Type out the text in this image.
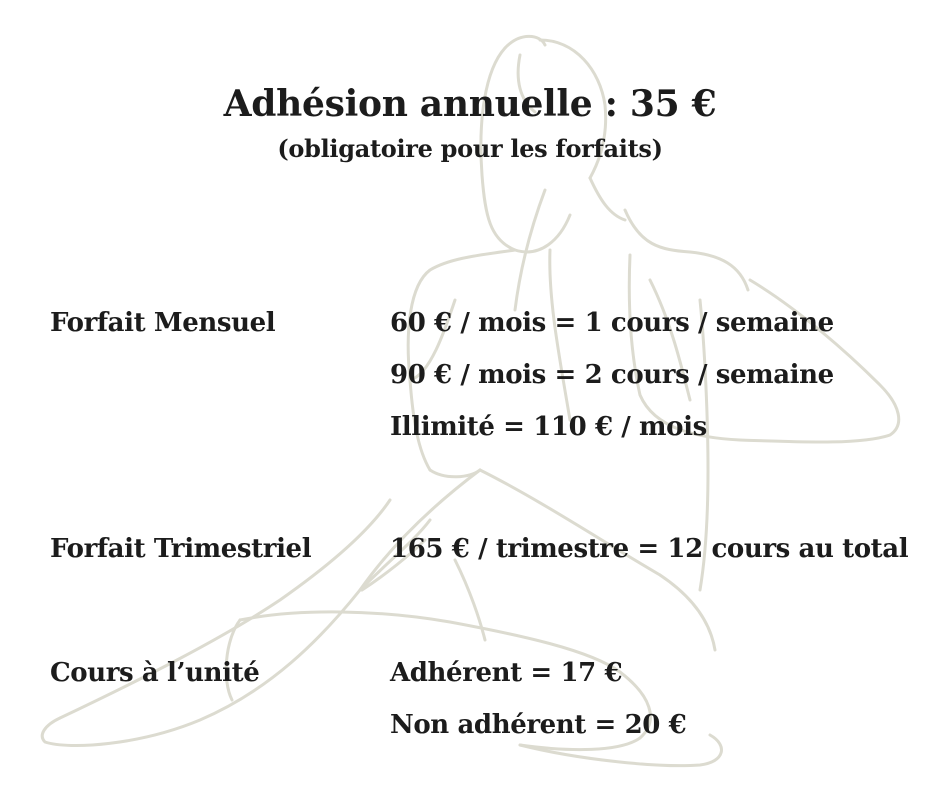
Adhésion annuelle : 35 €
(obligatoire pour les forfaits)
Forfait Mensuel	60 € / mois = 1 cours / semaine
90 € / mois = 2 cours / semaine
Illimité = 110 € / mois
Forfait Trimestriel	165 € / trimestre = 12 cours au total
Cours à l’unité	Adhérent = 17 €
Non adhérent = 20 €
